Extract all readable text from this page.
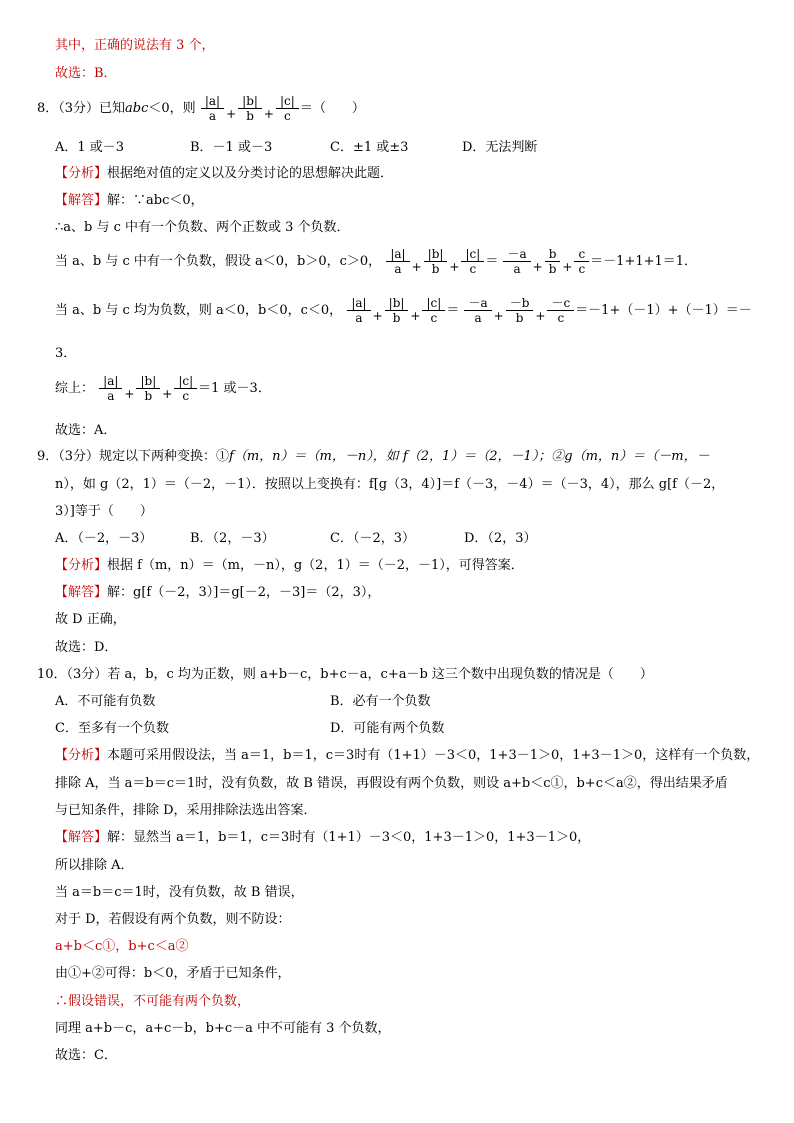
其中，正确的说法有 3 个，
故选：B．
8．（3分）已知abc＜0，则 | $\frac{a |}{a}$ + | $\frac{b |}{b}$ + | $\frac{c |}{c}$ ＝（　　）
A．1 或－3	B．－1 或－3	C．±1 或±3	D．无法判断
【分析】根据绝对值的定义以及分类讨论的思想解决此题．
【解答】解：∵abc＜0，
∴a、b 与 c 中有一个负数、两个正数或 3 个负数．
当 a、b 与 c 中有一个负数，假设 a＜0，b＞0，c＞0， | $\frac{a |}{a}$ + | $\frac{b |}{b}$ + | $\frac{c |}{c} = \frac{-a}{a} + \frac{b}{b} + \frac{c}{c} =-1+1+1=1$．
当 a、b 与 c 均为负数，则 a＜0，b＜0，c＜0， | $\frac{a |}{a}$ + | $\frac{b |}{b}$ + | $\frac{c |}{c} = \frac{-a}{a} + \frac{-b}{b} + \frac{-c}{c} =-1+(-1)+(-1)=-$
3．
综上： | $\frac{a |}{a}$ + | $\frac{b |}{b}$ + | $\frac{c |}{c} =1$ 或－3．
故选：A．
9．（3分）规定以下两种变换：①f（m，n）＝（m，－n），如 f（2，1）＝（2，－1）；②g（m，n）＝（－m，－
n），如 g（2，1）＝（－2，－1）．按照以上变换有：f[g（3，4）]＝f（－3，－4）＝（－3，4），那么 g[f（－2，
3）]等于（　　）
A．（－2，－3）	B．（2，－3）	C．（－2，3）	D．（2，3）
【分析】根据 f（m，n）＝（m，－n），g（2，1）＝（－2，－1），可得答案．
【解答】解：g[f（－2，3）]＝g[－2，－3]＝（2，3），
故 D 正确，
故选：D．
10．（3分）若 a，b，c 均为正数，则 a+b－c，b+c－a，c+a－b 这三个数中出现负数的情况是（　　）
A．不可能有负数	B．必有一个负数
C．至多有一个负数	D．可能有两个负数
【分析】本题可采用假设法，当 a＝1，b＝1，c＝3时有（1+1）－3＜0，1+3－1＞0，1+3－1＞0，这样有一个负数，
排除 A，当 a＝b＝c＝1时，没有负数，故 B 错误，再假设有两个负数，则设 a+b＜c①，b+c＜a②，得出结果矛盾
与已知条件，排除 D，采用排除法选出答案．
【解答】解：显然当 a＝1，b＝1，c＝3时有（1+1）－3＜0，1+3－1＞0，1+3－1＞0，
所以排除 A．
当 a＝b＝c＝1时，没有负数，故 B 错误，
对于 D，若假设有两个负数，则不防设：
a+b＜c①，b+c＜a②
由①+②可得：b＜0，矛盾于已知条件，
∴假设错误，不可能有两个负数，
同理 a+b－c，a+c－b，b+c－a 中不可能有 3 个负数，
故选：C．
